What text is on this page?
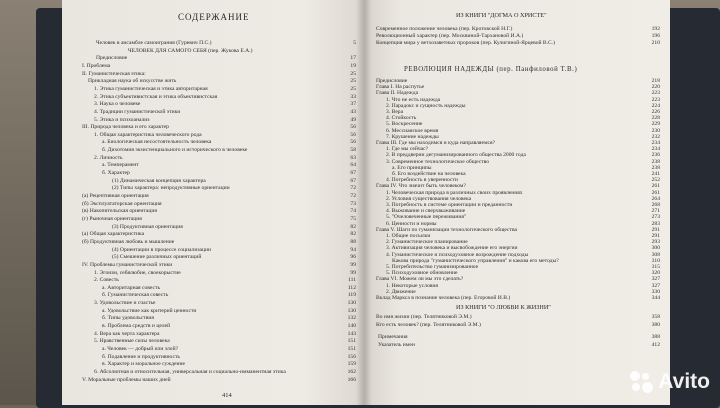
СОДЕРЖАНИЕ
414
Человек в ансамбле самоиграния (Гуревич П.С.)	5
ЧЕЛОВЕК ДЛЯ САМОГО СЕБЯ (пер. Жукова Е.А.)
Предисловие	17
I. Проблема	19
II. Гуманистическая этика:	25
Прикладная наука об искусстве жить	25
1. Этика гуманистическая и этика авторитарная	25
2. Этика субъективистская и этика объективистская	33
3. Наука о человеке	37
4. Традиции гуманистической этики	43
5. Этика и психоанализ	49
III. Природа человека и его характер	56
1. Общая характеристика человеческого рода	56
а. Биологическая несостоятельность человека	56
б. Дихотомия экзистенциального и исторического в человеке	58
2. Личность	63
а. Темперамент	64
б. Характер	67
(1) Динамическая концепция характера	67
(2) Типы характера: непродуктивные ориентации	72
(а) Рецептивная ориентация	72
(б) Эксплуататорская ориентация	73
(в) Накопительская ориентация	74
(г) Рыночная ориентация	75
(3) Продуктивная ориентация	82
(а) Общая характеристика	82
(б) Продуктивная любовь и мышление	88
(4) Ориентации в процессе социализации	94
(5) Смешение различных ориентаций	96
IV. Проблемы гуманистической этики	99
1. Эгоизм, себялюбие, своекорыстие	99
2. Совесть	111
а. Авторитарная совесть	112
б. Гуманистическая совесть	119
3. Удовольствие и счастье	130
а. Удовольствие как критерий ценности	130
б. Типы удовольствия	132
в. Проблема средств и целей	140
4. Вера как черта характера	143
5. Нравственные силы человека	151
а. Человек — добрый или злой?	151
б. Подавление и продуктивность	156
в. Характер и моральное суждение	159
6. Абсолютная и относительная, универсальная и социально-имманентная этика	162
V. Моральные проблемы наших дней	166
ИЗ КНИГИ "ДОГМА О ХРИСТЕ"
РЕВОЛЮЦИЯ НАДЕЖДЫ (пер. Панфиловой Т.В.)
ИЗ КНИГИ "О ЛЮБВИ К ЖИЗНИ"
Современное положение человека (пер. Кротовской Н.Г.)	192
Революционный характер (пер. Москвиной-Тархановой И.А.)	196
Концепция мира у ветхозаветных пророков (пер. Кулигиной-Ярцевой В.С.)	210
Предисловие	218
Глава I. На распутье	220
Глава II. Надежда	223
1. Что не есть надежда	223
2. Парадокс и сущность надежды	224
3. Вера	226
4. Стойкость	228
5. Воскресение	229
6. Мессианское время	230
7. Крушение надежды	232
Глава III. Где мы находимся и куда направляемся?	234
1. Где мы сейчас?	234
2. В преддверии дегуманизированного общества 2000 года	236
3. Современное технологическое общество	238
а. Его принципы	238
б. Его воздействие на человека	241
4. Потребность в уверенности	252
Глава IV. Что значит быть человеком?	261
1. Человеческая природа в различных своих проявлениях	261
2. Условия существования человека	264
3. Потребность в системе ориентации и преданности	268
4. Выживание и сверхвыживание	271
5. "Очеловеченные переживания"	273
6. Ценности и нормы	283
Глава V. Шаги по гуманизации технологического общества	291
1. Общие посылки	291
2. Гуманистическое планирование	293
3. Активизация человека и высвобождение его энергии	300
4. Гуманистическое и психодуховное возрождение подходы	308
Какова природа "гуманистического управления" и какова его методы?	310
5. Потребительство гуманизированное	315
5. Психодуховное обновление	320
Глава VI. Можем ли мы это сделать?	327
1. Некоторые условия	327
2. Движение	330
Вклад Маркса в познание человека (пер. Егоровой И.В.)	344
Во имя жизни (пер. Телятниковой Э.М.)	358
Кто есть человек? (пер. Телятниковой Э.М.)	380
Примечания	388
Указатель имен	412
Avito
